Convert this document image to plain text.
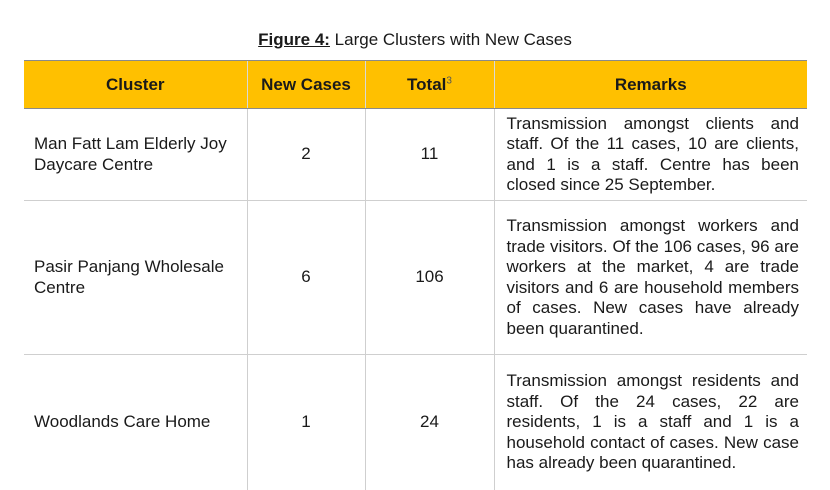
Figure 4: Large Clusters with New Cases
Cluster	New Cases	Total$^3$	Remarks
Man Fatt Lam Elderly Joy Daycare Centre	2	11	Transmission amongst clients and staff. Of the 11 cases, 10 are clients, and 1 is a staff. Centre has been closed since 25 September.
Pasir Panjang Wholesale Centre	6	106	Transmission amongst workers and trade visitors. Of the 106 cases, 96 are workers at the market, 4 are trade visitors and 6 are household members of cases. New cases have already been quarantined.
Woodlands Care Home	1	24	Transmission amongst residents and staff. Of the 24 cases, 22 are residents, 1 is a staff and 1 is a household contact of cases. New case has already been quarantined.
